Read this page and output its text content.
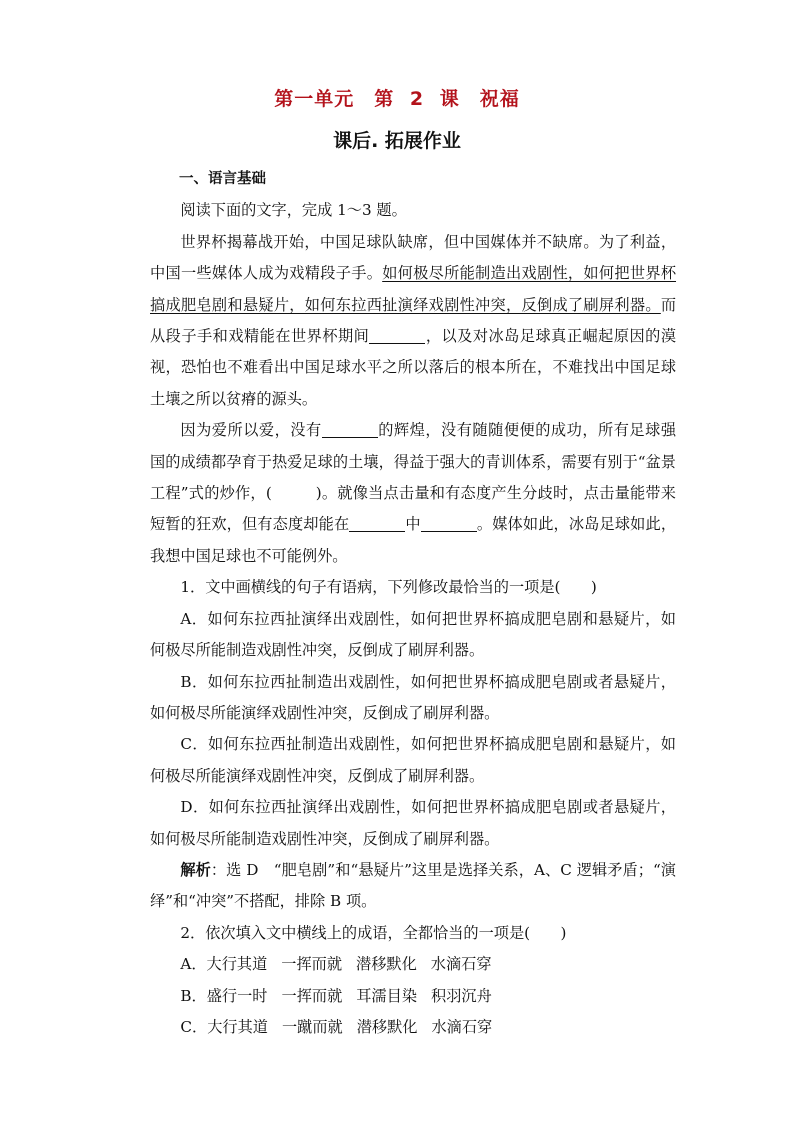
第一单元　第 2 课　祝福
课后. 拓展作业

一、语言基础

阅读下面的文字，完成 1～3 题。

世界杯揭幕战开始，中国足球队缺席，但中国媒体并不缺席。为了利益，中国一些媒体人成为戏精段子手。如何极尽所能制造出戏剧性，如何把世界杯搞成肥皂剧和悬疑片，如何东拉西扯演绎戏剧性冲突，反倒成了刷屏利器。而从段子手和戏精能在世界杯期间	，以及对冰岛足球真正崛起原因的漠视，恐怕也不难看出中国足球水平之所以落后的根本所在，不难找出中国足球土壤之所以贫瘠的源头。

因为爱所以爱，没有	的辉煌，没有随随便便的成功，所有足球强国的成绩都孕育于热爱足球的土壤，得益于强大的青训体系，需要有别于“盆景工程”式的炒作，(	)。就像当点击量和有态度产生分歧时，点击量能带来短暂的狂欢，但有态度却能在	中	。媒体如此，冰岛足球如此，我想中国足球也不可能例外。

1．文中画横线的句子有语病，下列修改最恰当的一项是(　　)

A．如何东拉西扯演绎出戏剧性，如何把世界杯搞成肥皂剧和悬疑片，如何极尽所能制造戏剧性冲突，反倒成了刷屏利器。

B．如何东拉西扯制造出戏剧性，如何把世界杯搞成肥皂剧或者悬疑片，如何极尽所能演绎戏剧性冲突，反倒成了刷屏利器。

C．如何东拉西扯制造出戏剧性，如何把世界杯搞成肥皂剧和悬疑片，如何极尽所能演绎戏剧性冲突，反倒成了刷屏利器。

D．如何东拉西扯演绎出戏剧性，如何把世界杯搞成肥皂剧或者悬疑片，如何极尽所能制造戏剧性冲突，反倒成了刷屏利器。

解析：选 D　“肥皂剧”和“悬疑片”这里是选择关系，A、C 逻辑矛盾；“演绎”和“冲突”不搭配，排除 B 项。

2．依次填入文中横线上的成语，全都恰当的一项是(　　)

A．大行其道 一挥而就 潜移默化 水滴石穿

B．盛行一时 一挥而就 耳濡目染 积羽沉舟

C．大行其道 一蹴而就 潜移默化 水滴石穿
